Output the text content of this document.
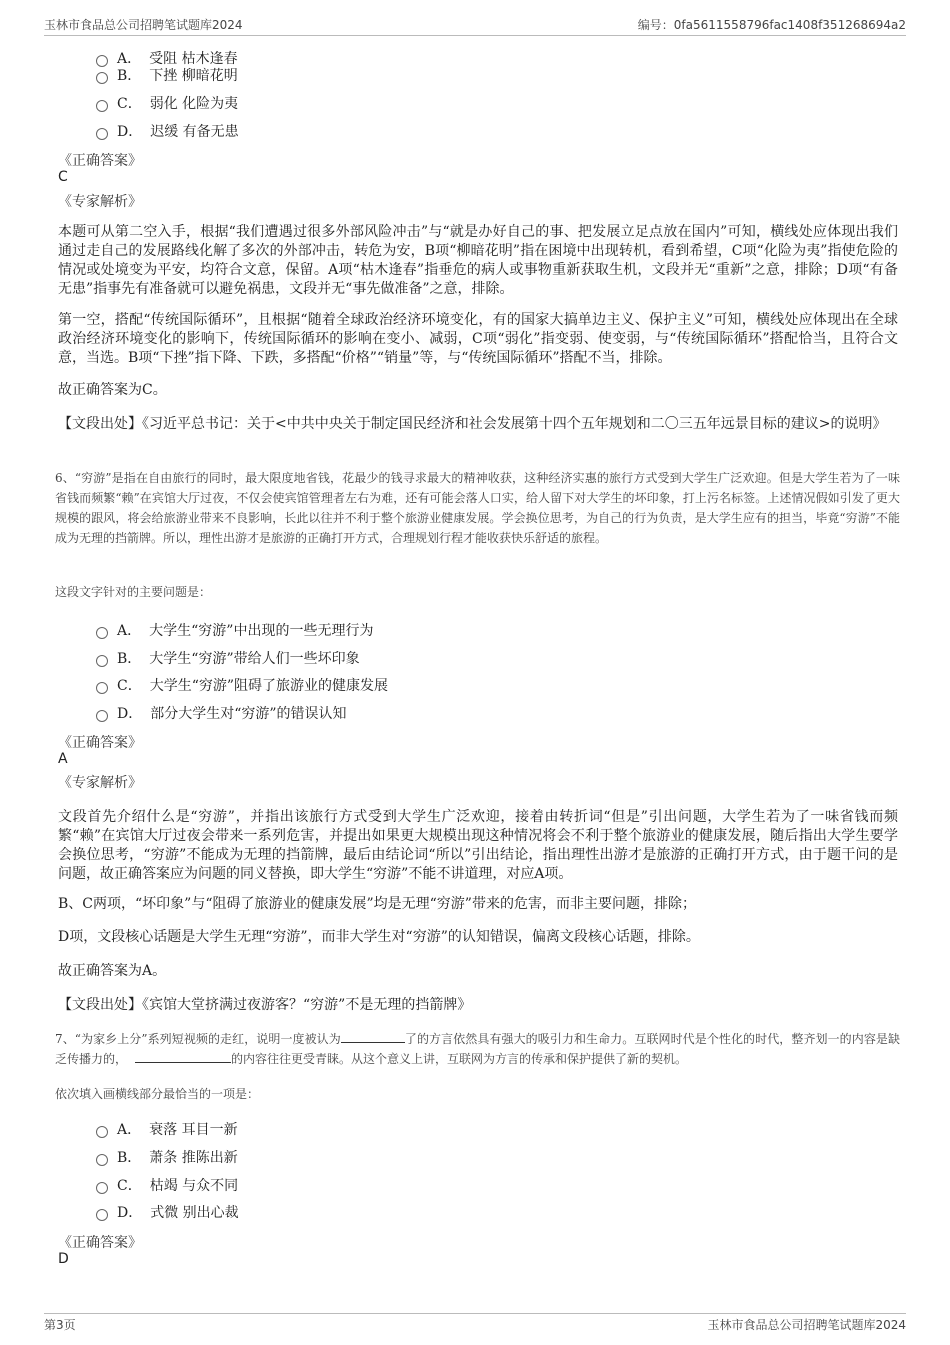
玉林市食品总公司招聘笔试题库2024	编号：0fa5611558796fac1408f351268694a2
A． 受阻 枯木逢春
B． 下挫 柳暗花明
C． 弱化 化险为夷
D． 迟缓 有备无患
《正确答案》
C
《专家解析》
本题可从第二空入手，根据“我们遭遇过很多外部风险冲击”与“就是办好自己的事、把发展立足点放在国内”可知，横线处应体现出我们通过走自己的发展路线化解了多次的外部冲击，转危为安，B项“柳暗花明”指在困境中出现转机，看到希望，C项“化险为夷”指使危险的情况或处境变为平安，均符合文意，保留。A项“枯木逢春”指垂危的病人或事物重新获取生机，文段并无“重新”之意，排除；D项“有备无患”指事先有准备就可以避免祸患，文段并无“事先做准备”之意，排除。
第一空，搭配“传统国际循环”，且根据“随着全球政治经济环境变化，有的国家大搞单边主义、保护主义”可知，横线处应体现出在全球政治经济环境变化的影响下，传统国际循环的影响在变小、减弱，C项“弱化”指变弱、使变弱，与“传统国际循环”搭配恰当，且符合文意，当选。B项“下挫”指下降、下跌，多搭配“价格”“销量”等，与“传统国际循环”搭配不当，排除。
故正确答案为C。
【文段出处】《习近平总书记：关于<中共中央关于制定国民经济和社会发展第十四个五年规划和二〇三五年远景目标的建议>的说明》
6、“穷游”是指在自由旅行的同时，最大限度地省钱，花最少的钱寻求最大的精神收获，这种经济实惠的旅行方式受到大学生广泛欢迎。但是大学生若为了一味省钱而频繁“赖”在宾馆大厅过夜，不仅会使宾馆管理者左右为难，还有可能会落人口实，给人留下对大学生的坏印象，打上污名标签。上述情况假如引发了更大规模的跟风，将会给旅游业带来不良影响，长此以往并不利于整个旅游业健康发展。学会换位思考，为自己的行为负责，是大学生应有的担当，毕竟“穷游”不能成为无理的挡箭牌。所以，理性出游才是旅游的正确打开方式，合理规划行程才能收获快乐舒适的旅程。
这段文字针对的主要问题是：
A． 大学生“穷游”中出现的一些无理行为
B． 大学生“穷游”带给人们一些坏印象
C． 大学生“穷游”阻碍了旅游业的健康发展
D． 部分大学生对“穷游”的错误认知
《正确答案》
A
《专家解析》
文段首先介绍什么是“穷游”，并指出该旅行方式受到大学生广泛欢迎，接着由转折词“但是”引出问题，大学生若为了一味省钱而频繁“赖”在宾馆大厅过夜会带来一系列危害，并提出如果更大规模出现这种情况将会不利于整个旅游业的健康发展，随后指出大学生要学会换位思考，“穷游”不能成为无理的挡箭牌，最后由结论词“所以”引出结论，指出理性出游才是旅游的正确打开方式，由于题干问的是问题，故正确答案应为问题的同义替换，即大学生“穷游”不能不讲道理，对应A项。
B、C两项，“坏印象”与“阻碍了旅游业的健康发展”均是无理“穷游”带来的危害，而非主要问题，排除；
D项，文段核心话题是大学生无理“穷游”，而非大学生对“穷游”的认知错误，偏离文段核心话题，排除。
故正确答案为A。
【文段出处】《宾馆大堂挤满过夜游客？“穷游”不是无理的挡箭牌》
7、“为家乡上分”系列短视频的走红，说明一度被认为	了的方言依然具有强大的吸引力和生命力。互联网时代是个性化的时代，整齐划一的内容是缺乏传播力的，	的内容往往更受青睐。从这个意义上讲，互联网为方言的传承和保护提供了新的契机。
依次填入画横线部分最恰当的一项是：
A． 衰落 耳目一新
B． 萧条 推陈出新
C． 枯竭 与众不同
D． 式微 别出心裁
《正确答案》
D
第3页	玉林市食品总公司招聘笔试题库2024
